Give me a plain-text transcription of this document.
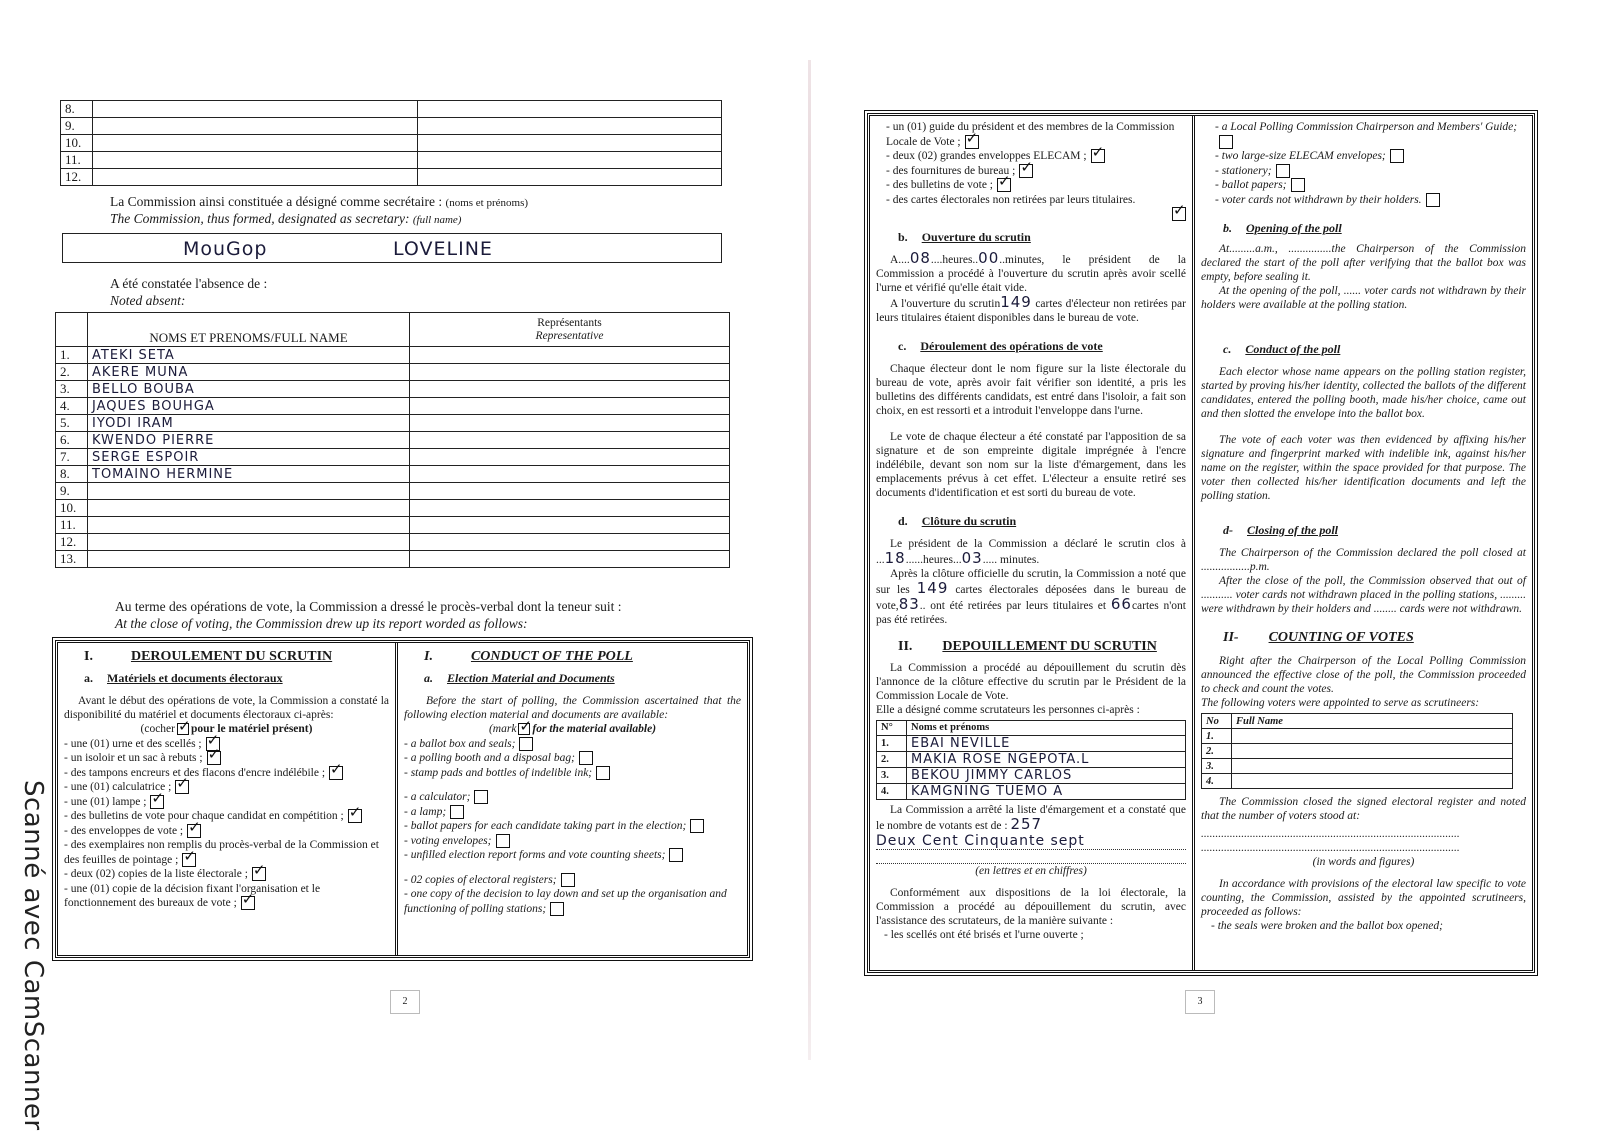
8.		
9.		
10.		
11.		
12.		
La Commission ainsi constituée a désigné comme secrétaire : (noms et prénoms)
The Commission, thus formed, designated as secretary: (full name)
MouGop	LOVELINE
A été constatée l'absence de :
Noted absent:
	NOMS ET PRENOMS/FULL NAME	Représentants
Representative

1.	ATEKI SETA	
2.	AKERE MUNA	
3.	BELLO BOUBA	
4.	JAQUES BOUHGA	
5.	IYODI IRAM	
6.	KWENDO PIERRE	
7.	SERGE ESPOIR	
8.	TOMAINO HERMINE	
9.		
10.		
11.		
12.		
13.		
Au terme des opérations de vote, la Commission a dressé le procès-verbal dont la teneur suit :
At the close of voting, the Commission drew up its report worded as follows:
I.	DEROULEMENT DU SCRUTIN
a. Matériels et documents électoraux
Avant le début des opérations de vote, la Commission a constaté la disponibilité du matériel et documents électoraux ci-après:
(cocher ✓ pour le matériel présent)
- une (01) urne et des scellés ;✓
- un isoloir et un sac à rebuts ;✓
- des tampons encreurs et des flacons d'encre indélébile ;✓
- une (01) calculatrice ;✓
- une (01) lampe ;✓
- des bulletins de vote pour chaque candidat en compétition ;✓
- des enveloppes de vote ;✓
- des exemplaires non remplis du procès-verbal de la Commission et des feuilles de pointage ;✓
- deux (02) copies de la liste électorale ;✓
- une (01) copie de la décision fixant l'organisation et le fonctionnement des bureaux de vote ;✓
I.	CONDUCT OF THE POLL
a. Election Material and Documents
Before the start of polling, the Commission ascertained that the following election material and documents are available:
(mark ✓ for the material available)
- a ballot box and seals;
- a polling booth and a disposal bag;
- stamp pads and bottles of indelible ink;
- a calculator;
- a lamp;
- ballot papers for each candidate taking part in the election;
- voting envelopes;
- unfilled election report forms and vote counting sheets;
- 02 copies of electoral registers;
- one copy of the decision to lay down and set up the organisation and functioning of polling stations;
2
- un (01) guide du président et des membres de la Commission Locale de Vote ;✓
- deux (02) grandes enveloppes ELECAM ;✓
- des fournitures de bureau ;✓
- des bulletins de vote ;✓
- des cartes électorales non retirées par leurs titulaires.
✓
b. Ouverture du scrutin
A....08....heures..00..minutes, le président de la Commission a procédé à l'ouverture du scrutin après avoir scellé l'urne et vérifié qu'elle était vide.
A l'ouverture du scrutin149 cartes d'électeur non retirées par leurs titulaires étaient disponibles dans le bureau de vote.
c. Déroulement des opérations de vote
Chaque électeur dont le nom figure sur la liste électorale du bureau de vote, après avoir fait vérifier son identité, a pris les bulletins des différents candidats, est entré dans l'isoloir, a fait son choix, en est ressorti et a introduit l'enveloppe dans l'urne.
Le vote de chaque électeur a été constaté par l'apposition de sa signature et de son empreinte digitale imprégnée à l'encre indélébile, devant son nom sur la liste d'émargement, dans les emplacements prévus à cet effet. L'électeur a ensuite retiré ses documents d'identification et est sorti du bureau de vote.
d. Clôture du scrutin
Le président de la Commission a déclaré le scrutin clos à ...18......heures...03..... minutes.
Après la clôture officielle du scrutin, la Commission a noté que sur les 149 cartes électorales déposées dans le bureau de vote,83.. ont été retirées par leurs titulaires et 66cartes n'ont pas été retirées.
II. DEPOUILLEMENT DU SCRUTIN
La Commission a procédé au dépouillement du scrutin dès l'annonce de la clôture effective du scrutin par le Président de la Commission Locale de Vote.
Elle a désigné comme scrutateurs les personnes ci-après :
N°	Noms et prénoms
1.	EBAI NEVILLE
2.	MAKIA ROSE NGEPOTA.L
3.	BEKOU JIMMY CARLOS
4.	KAMGNING TUEMO A
La Commission a arrêté la liste d'émargement et a constaté que le nombre de votants est de : 257
Deux Cent Cinquante sept
(en lettres et en chiffres)
Conformément aux dispositions de la loi électorale, la Commission a procédé au dépouillement du scrutin, avec l'assistance des scrutateurs, de la manière suivante :
- les scellés ont été brisés et l'urne ouverte ;
- a Local Polling Commission Chairperson and Members' Guide;
- two large-size ELECAM envelopes;
- stationery;
- ballot papers;
- voter cards not withdrawn by their holders.
b. Opening of the poll
At.........a.m., ...............the Chairperson of the Commission declared the start of the poll after verifying that the ballot box was empty, before sealing it.
At the opening of the poll, ...... voter cards not withdrawn by their holders were available at the polling station.
c. Conduct of the poll
Each elector whose name appears on the polling station register, started by proving his/her identity, collected the ballots of the different candidates, entered the polling booth, made his/her choice, came out and then slotted the envelope into the ballot box.
The vote of each voter was then evidenced by affixing his/her signature and fingerprint marked with indelible ink, against his/her name on the register, within the space provided for that purpose. The voter then collected his/her identification documents and left the polling station.
d- Closing of the poll
The Chairperson of the Commission declared the poll closed at .................p.m.
After the close of the poll, the Commission observed that out of ........... voter cards not withdrawn placed in the polling stations, ......... were withdrawn by their holders and ........ cards were not withdrawn.
II- COUNTING OF VOTES
Right after the Chairperson of the Local Polling Commission announced the effective close of the poll, the Commission proceeded to check and count the votes.
The following voters were appointed to serve as scrutineers:
No	Full Name
1.	
2.	
3.	
4.	
The Commission closed the signed electoral register and noted that the number of voters stood at:
..........................................................................................
..........................................................................................
(in words and figures)
In accordance with provisions of the electoral law specific to vote counting, the Commission, assisted by the appointed scrutineers, proceeded as follows:
- the seals were broken and the ballot box opened;
3
Scanné avec CamScanner
